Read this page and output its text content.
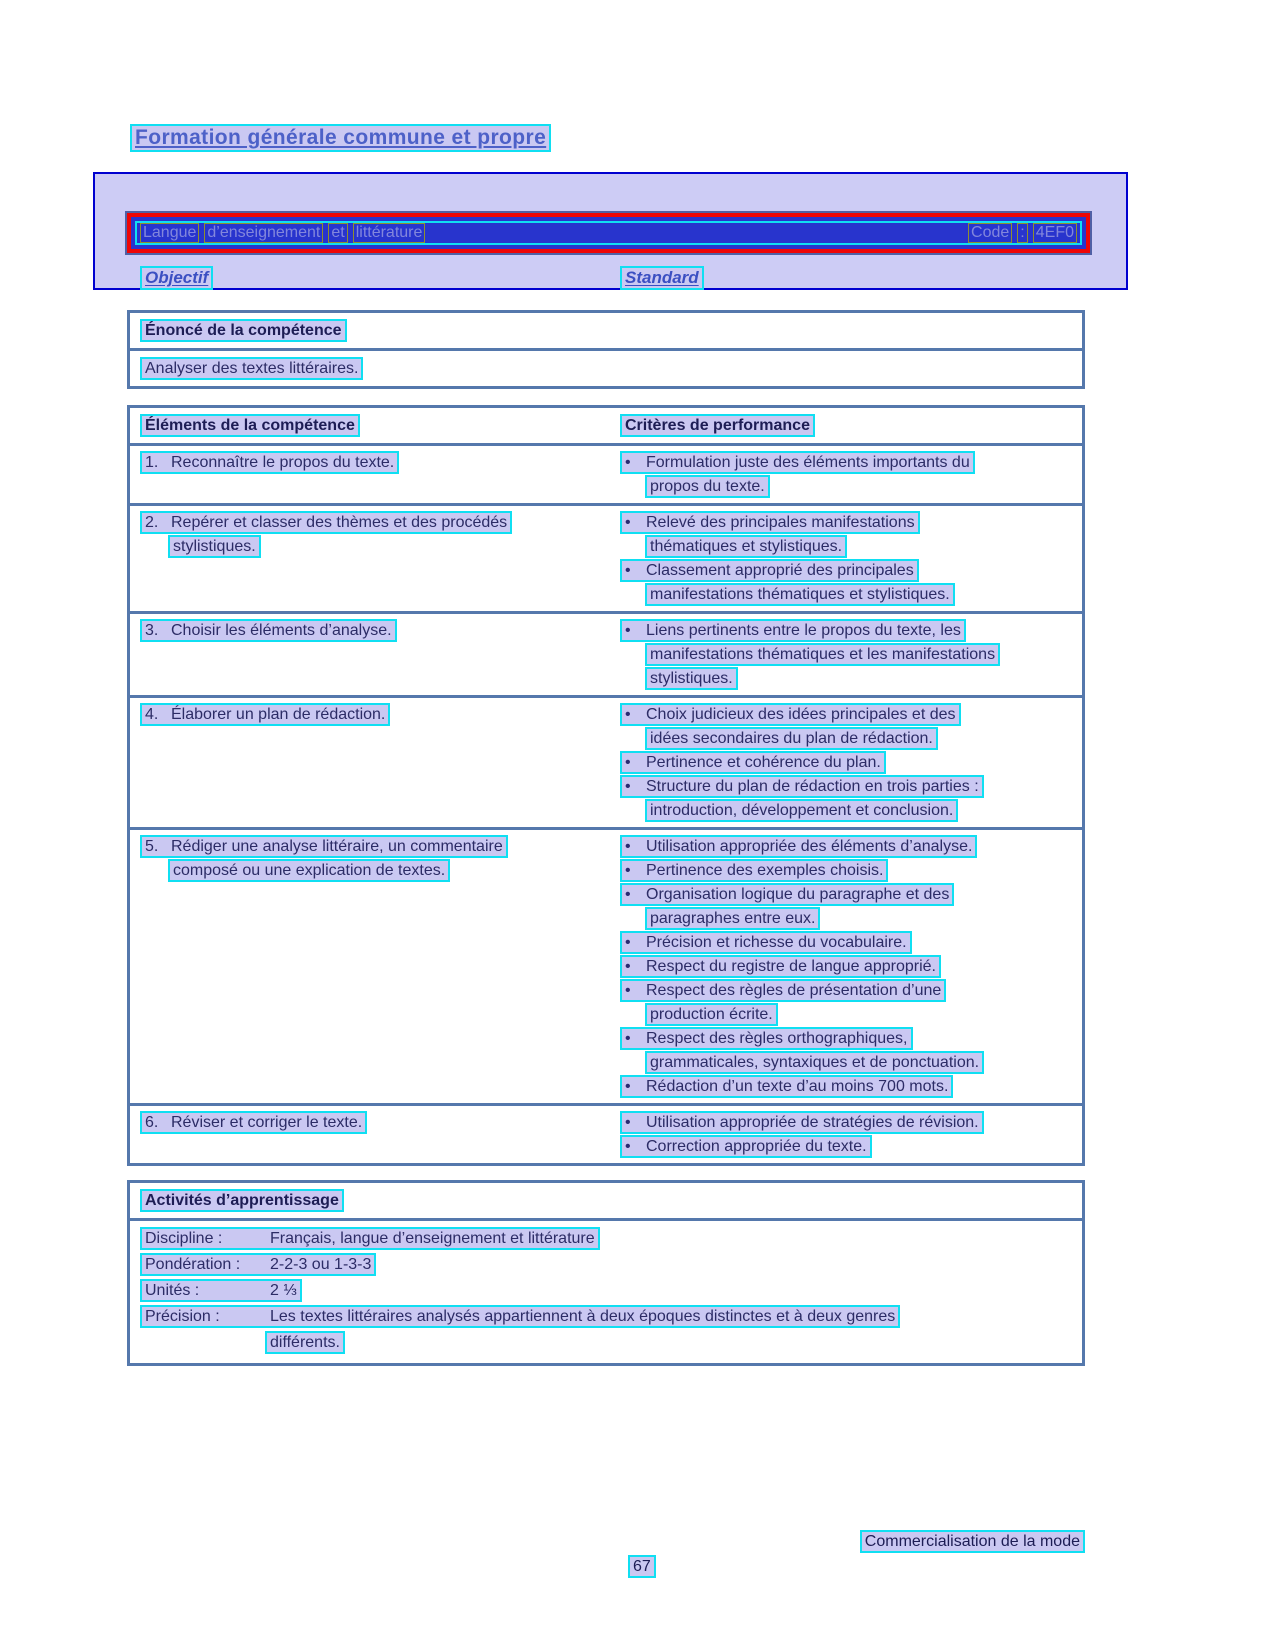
Formation générale commune et propre
Langue d’enseignement et littérature	Code : 4EF0
Objectif	Standard
Énoncé de la compétence
Analyser des textes littéraires.
Éléments de la compétence	Critères de performance
1. Reconnaître le propos du texte.	• Formulation juste des éléments importants du
propos du texte.
2. Repérer et classer des thèmes et des procédés
stylistiques.
• Relevé des principales manifestations
thématiques et stylistiques.
• Classement approprié des principales
manifestations thématiques et stylistiques.
3. Choisir les éléments d’analyse.	• Liens pertinents entre le propos du texte, les
manifestations thématiques et les manifestations
stylistiques.
4. Élaborer un plan de rédaction.	• Choix judicieux des idées principales et des
idées secondaires du plan de rédaction.
• Pertinence et cohérence du plan.
• Structure du plan de rédaction en trois parties :
introduction, développement et conclusion.
5. Rédiger une analyse littéraire, un commentaire
composé ou une explication de textes.
• Utilisation appropriée des éléments d’analyse.
• Pertinence des exemples choisis.
• Organisation logique du paragraphe et des
paragraphes entre eux.
• Précision et richesse du vocabulaire.
• Respect du registre de langue approprié.
• Respect des règles de présentation d’une
production écrite.
• Respect des règles orthographiques,
grammaticales, syntaxiques et de ponctuation.
• Rédaction d’un texte d’au moins 700 mots.
6. Réviser et corriger le texte.	• Utilisation appropriée de stratégies de révision.
• Correction appropriée du texte.
Activités d’apprentissage
Discipline :	Français, langue d’enseignement et littérature
Pondération : 2-2-3 ou 1-3-3
Unités :	2 ⅓
Précision :	Les textes littéraires analysés appartiennent à deux époques distinctes et à deux genres
différents.
Commercialisation de la mode
67
